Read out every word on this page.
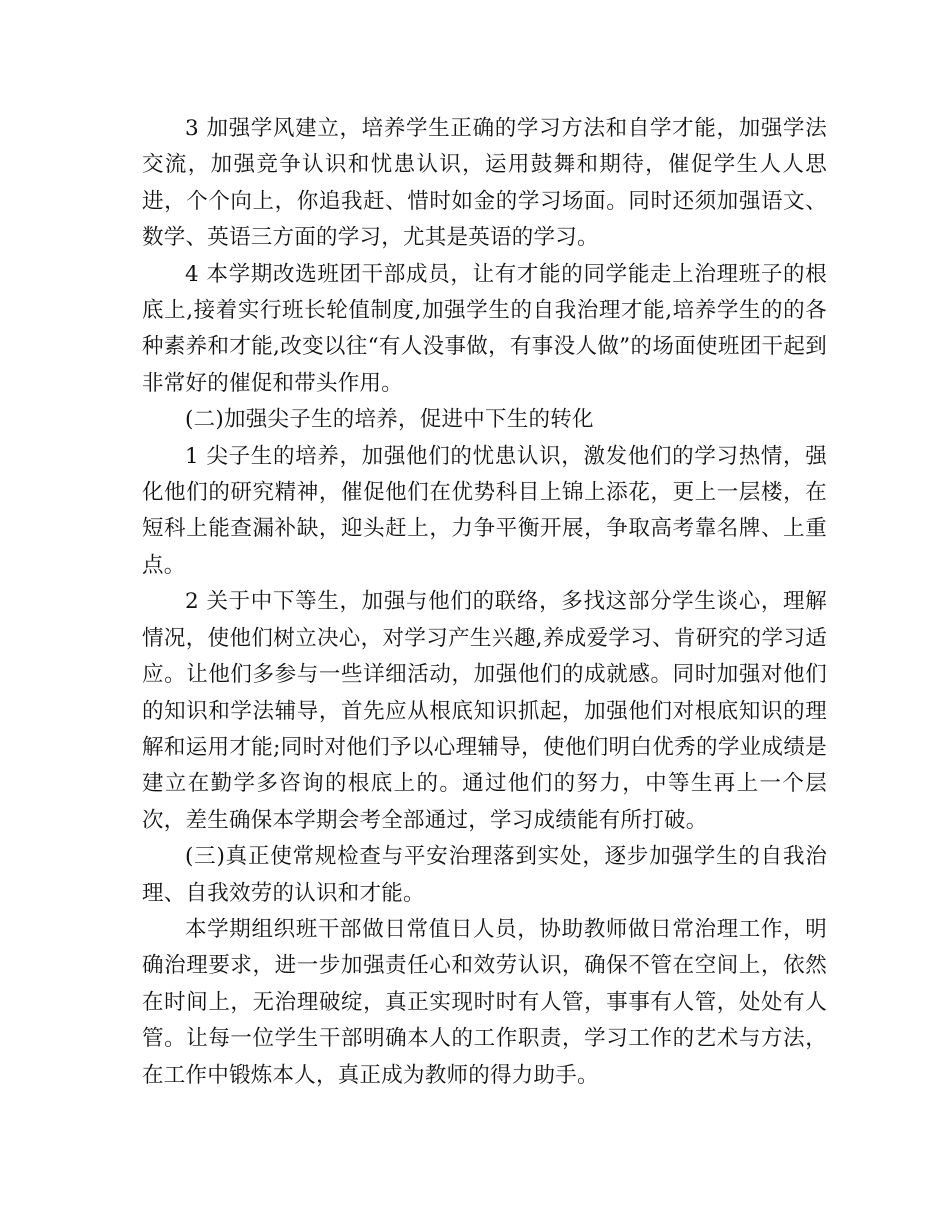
3 加强学风建立，培养学生正确的学习方法和自学才能，加强学法交流，加强竞争认识和忧患认识，运用鼓舞和期待，催促学生人人思进，个个向上，你追我赶、惜时如金的学习场面。同时还须加强语文、数学、英语三方面的学习，尤其是英语的学习。

4 本学期改选班团干部成员，让有才能的同学能走上治理班子的根底上,接着实行班长轮值制度,加强学生的自我治理才能,培养学生的的各种素养和才能,改变以往“有人没事做，有事没人做”的场面使班团干起到非常好的催促和带头作用。

(二)加强尖子生的培养，促进中下生的转化

1 尖子生的培养，加强他们的忧患认识，激发他们的学习热情，强化他们的研究精神，催促他们在优势科目上锦上添花，更上一层楼，在短科上能查漏补缺，迎头赶上，力争平衡开展，争取高考靠名牌、上重点。

2 关于中下等生，加强与他们的联络，多找这部分学生谈心，理解情况，使他们树立决心，对学习产生兴趣,养成爱学习、肯研究的学习适应。让他们多参与一些详细活动，加强他们的成就感。同时加强对他们的知识和学法辅导，首先应从根底知识抓起，加强他们对根底知识的理解和运用才能;同时对他们予以心理辅导，使他们明白优秀的学业成绩是建立在勤学多咨询的根底上的。通过他们的努力，中等生再上一个层次，差生确保本学期会考全部通过，学习成绩能有所打破。

(三)真正使常规检查与平安治理落到实处，逐步加强学生的自我治理、自我效劳的认识和才能。

本学期组织班干部做日常值日人员，协助教师做日常治理工作，明确治理要求，进一步加强责任心和效劳认识，确保不管在空间上，依然在时间上，无治理破绽，真正实现时时有人管，事事有人管，处处有人管。让每一位学生干部明确本人的工作职责，学习工作的艺术与方法，在工作中锻炼本人，真正成为教师的得力助手。
